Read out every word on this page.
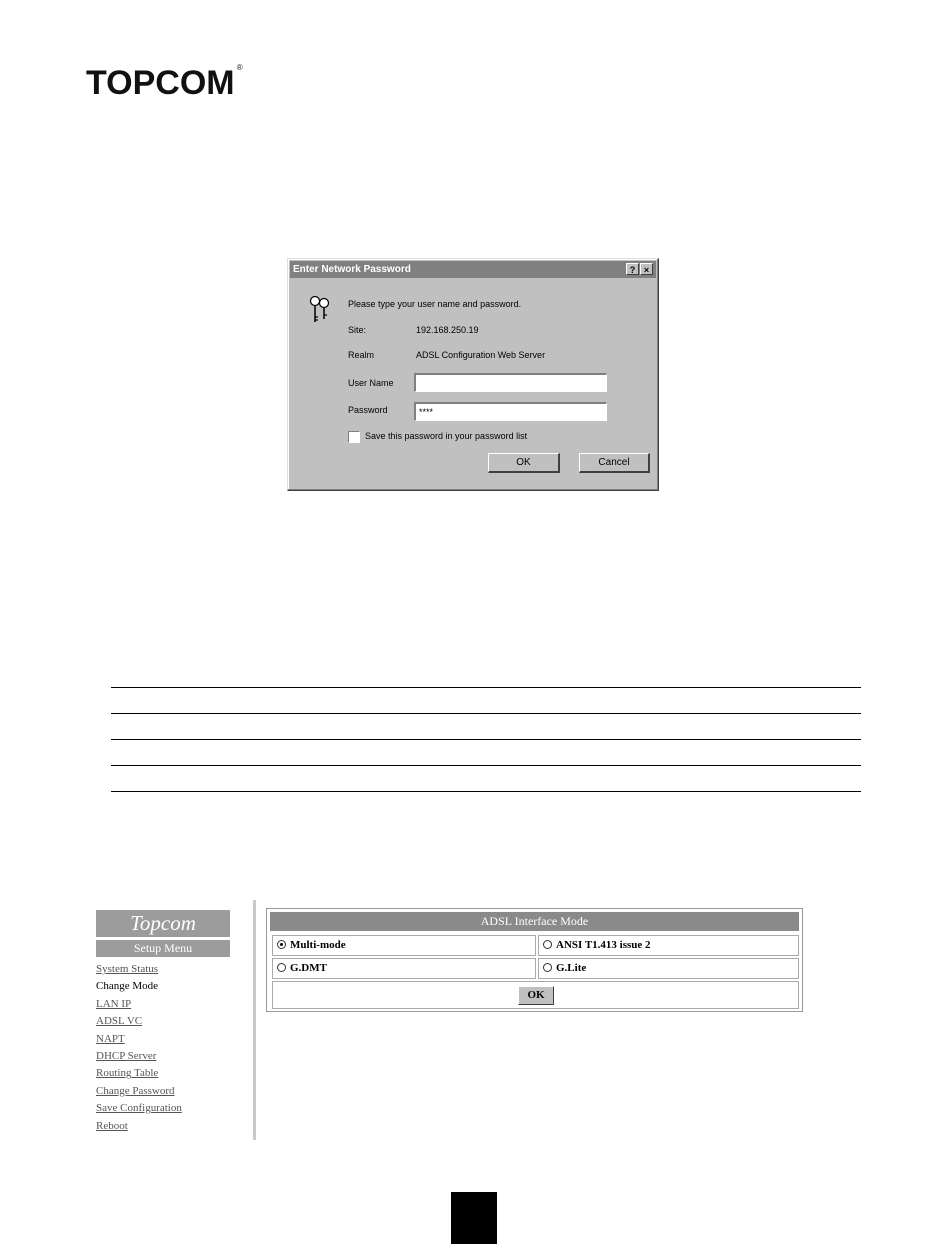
TOPCOM ®
Enter Network Password	? ×
Please type your user name and password.
Site:	192.168.250.19
Realm	ADSL Configuration Web Server
User Name
Password	****
Save this password in your password list
OK	Cancel
Topcom
Setup Menu
System Status
Change Mode
LAN IP
ADSL VC
NAPT
DHCP Server
Routing Table
Change Password
Save Configuration
Reboot
ADSL Interface Mode
Multi-mode	ANSI T1.413 issue 2
G.DMT	G.Lite
OK
